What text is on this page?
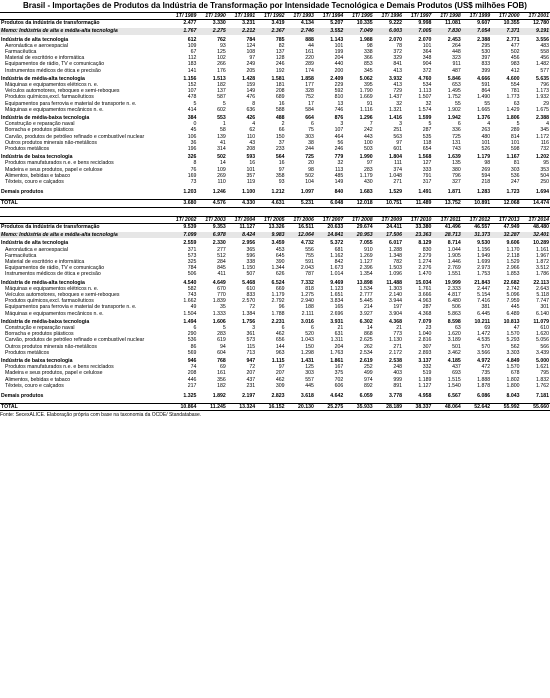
Brasil - Importações de Produtos da Indústria de Transformação por Intensidade Tecnológica e Demais Produtos (US$ milhões FOB)
	1T/ 1989	1T/ 1990	1T/ 1991	1T/ 1992	1T/ 1993	1T/ 1994	1T/ 1995	1T/ 1996	1T/ 1997	1T/ 1998	1T/ 1999	1T/ 2000	1T/ 2001
Produtos da indústria de transformação	2.477	3.330	3.231	3.419	4.134	5.207	10.335	9.222	9.998	11.081	9.607	10.355	12.780

Memo: Indústria de alta e média-alta tecnologia	1.767	2.275	2.212	2.367	2.746	3.552	7.049	6.003	7.005	7.830	7.054	7.371	9.191

Indústria de alta tecnologia	612	762	784	785	888	1.143	1.988	2.070	2.070	2.453	2.388	2.771	3.556
Aeronáutica e aeroespacial	109	93	124	82	44	101	98	78	101	264	295	477	483
Farmacêutica	67	125	108	137	161	199	338	372	364	448	530	502	558
Material de escritório e informática	112	102	97	128	220	204	366	329	348	323	397	456	456
Equipamentos de rádio, TV e comunicação	183	266	249	246	289	440	853	841	904	911	833	983	1.482
Instrumentos médicos de ótica e precisão	141	176	205	192	174	200	345	413	372	487	399	412	577

Indústria de média-alta tecnologia	1.156	1.513	1.428	1.581	1.858	2.409	5.062	3.932	4.760	5.846	4.666	4.600	5.635
Máquinas e equipamentos elétricos n. e.	152	182	159	181	177	229	395	413	534	653	591	554	796
Veículos automotores, reboques e semi-reboques	107	137	149	208	328	592	1.790	729	1.113	1.495	864	781	1.173
Produtos químicos,excl. farmacêuticos	478	587	476	689	752	810	1.669	1.437	1.507	1.752	1.490	1.773	1.932
Equipamentos para ferrovia e material de transporte n. e.	5	5	8	16	17	13	91	32	32	55	55	63	29
Máquinas e equipamentos mecânicos n. e.	414	602	636	588	584	746	1.116	1.321	1.574	1.902	1.665	1.429	1.675

Indústria de média-baixa tecnologia	384	553	426	488	664	876	1.296	1.416	1.599	1.942	1.376	1.806	2.388
Construção e reparação naval	0	1	4	2	6	3	7	3	5	6	4	5	4
Borracha e produtos plásticos	45	58	62	66	75	107	242	251	287	336	263	289	345
Carvão, produtos de petróleo refinado e combustível nuclear	106	139	110	150	303	464	443	563	535	725	480	814	1.172
Outros produtos minerais não-metálicos	36	41	43	37	38	56	100	97	118	131	101	101	116
Produtos metálicos	196	314	208	233	244	246	503	601	654	743	526	598	732

Indústria de baixa tecnologia	326	502	593	564	725	779	1.990	1.804	1.568	1.639	1.179	1.167	1.202
Produtos manufaturados n.e. e bens reciclados	8	14	16	16	20	32	97	111	127	135	98	81	95
Madeira e seus produtos, papel e celulose	76	109	101	97	98	113	283	374	333	380	269	303	353
Alimentos, bebidas e tabaco	169	269	357	358	502	485	1.179	1.048	791	796	594	536	504
Têxteis, couro e calçados	73	110	119	93	104	149	430	271	317	327	218	247	250

Demais produtos	1.203	1.246	1.100	1.212	1.097	840	1.683	1.529	1.491	1.871	1.283	1.723	1.694

TOTAL	3.680	4.576	4.330	4.631	5.231	6.048	12.018	10.751	11.489	13.752	10.891	12.068	14.474
	1T/ 2002	1T/ 2003	1T/ 2004	1T/ 2005	1T/ 2006	1T/ 2007	1T/ 2008	1T/ 2009	1T/ 2010	1T/ 2011	1T/ 2012	1T/ 2013	1T/ 2014
Produtos da indústria de transformação	9.539	9.353	11.127	13.326	16.511	20.633	29.674	24.411	33.380	41.496	46.557	47.949	48.480

Memo: Indústria de alta e média-alta tecnologia	7.099	6.978	8.424	9.983	12.064	14.841	20.953	17.506	23.363	28.713	31.373	32.287	32.401

Indústria de alta tecnologia	2.559	2.330	2.956	3.459	4.732	5.372	7.055	6.017	8.129	8.714	9.530	9.606	10.289
Aeronáutica e aeroespacial	371	277	365	453	556	681	910	1.288	830	1.044	1.156	1.170	1.161
Farmacêutica	573	512	596	645	755	1.162	1.269	1.348	2.279	1.905	1.949	2.118	1.967
Material de escritório e informática	325	284	338	390	591	842	1.127	782	1.274	1.446	1.699	1.529	1.872
Equipamentos de rádio, TV e comunicação	784	845	1.150	1.344	2.043	1.673	2.396	1.503	2.276	2.769	2.973	2.966	3.512
Instrumentos médicos de ótica e precisão	506	411	507	626	787	1.014	1.354	1.096	1.470	1.551	1.753	1.853	1.786

Indústria de média-alta tecnologia	4.540	4.649	5.468	6.524	7.332	9.469	13.898	11.488	15.034	19.999	21.843	22.682	22.113
Máquinas e equipamentos elétricos n. e.	582	670	610	669	818	1.123	1.534	1.303	1.761	2.333	2.447	2.742	2.643
Veículos automotores, reboques e semi-reboques	743	770	833	1.179	1.275	1.651	2.777	2.140	3.666	4.817	5.154	5.096	5.118
Produtos químicos,excl. farmacêuticos	1.662	1.839	2.570	2.792	2.940	3.834	5.445	3.944	4.963	6.480	7.416	7.959	7.747
Equipamentos para ferrovia e material de transporte n. e.	49	35	72	96	188	165	214	197	287	506	381	445	301
Máquinas e equipamentos mecânicos n. e.	1.504	1.333	1.384	1.788	2.111	2.696	3.927	3.904	4.368	5.863	6.445	6.489	6.140

Indústria de média-baixa tecnologia	1.494	1.606	1.756	2.231	3.016	3.931	6.302	4.368	7.079	8.598	10.211	10.813	11.079
Construção e reparação naval	6	5	3	6	6	21	14	21	23	63	69	47	610
Borracha e produtos plásticos	290	283	361	462	520	631	868	773	1.040	1.620	1.472	1.570	1.620
Carvão, produtos de petróleo refinado e combustível nuclear	536	619	573	656	1.043	1.311	2.625	1.130	2.816	3.189	4.535	5.293	5.056
Outros produtos minerais não-metálicos	86	94	115	144	150	204	262	271	307	501	570	562	566
Produtos metálicos	569	604	713	963	1.298	1.763	2.534	2.172	2.893	3.462	3.566	3.303	3.439

Indústria de baixa tecnologia	946	768	947	1.115	1.431	1.861	2.619	2.538	3.137	4.185	4.972	4.849	5.000
Produtos manufaturados n.e. e bens reciclados	74	69	72	97	125	167	252	248	332	437	472	1.570	1.621
Madeira e seus produtos, papel e celulose	208	161	207	207	303	375	499	403	519	693	735	678	795
Alimentos, bebidas e tabaco	446	356	437	462	557	702	974	999	1.189	1.515	1.888	1.802	1.832
Têxteis, couro e calçados	217	182	231	309	445	606	892	891	1.127	1.540	1.878	1.800	1.762

Demais produtos	1.325	1.892	2.197	2.823	3.618	4.642	6.059	3.778	4.958	6.567	6.086	8.043	7.181

TOTAL	10.864	11.245	13.324	16.152	20.130	25.275	35.933	28.189	38.337	48.064	52.642	55.992	55.660
Fonte: SecexALICE. Elaboração própria com base na taxonomia da OCDE/ Standatabase.
